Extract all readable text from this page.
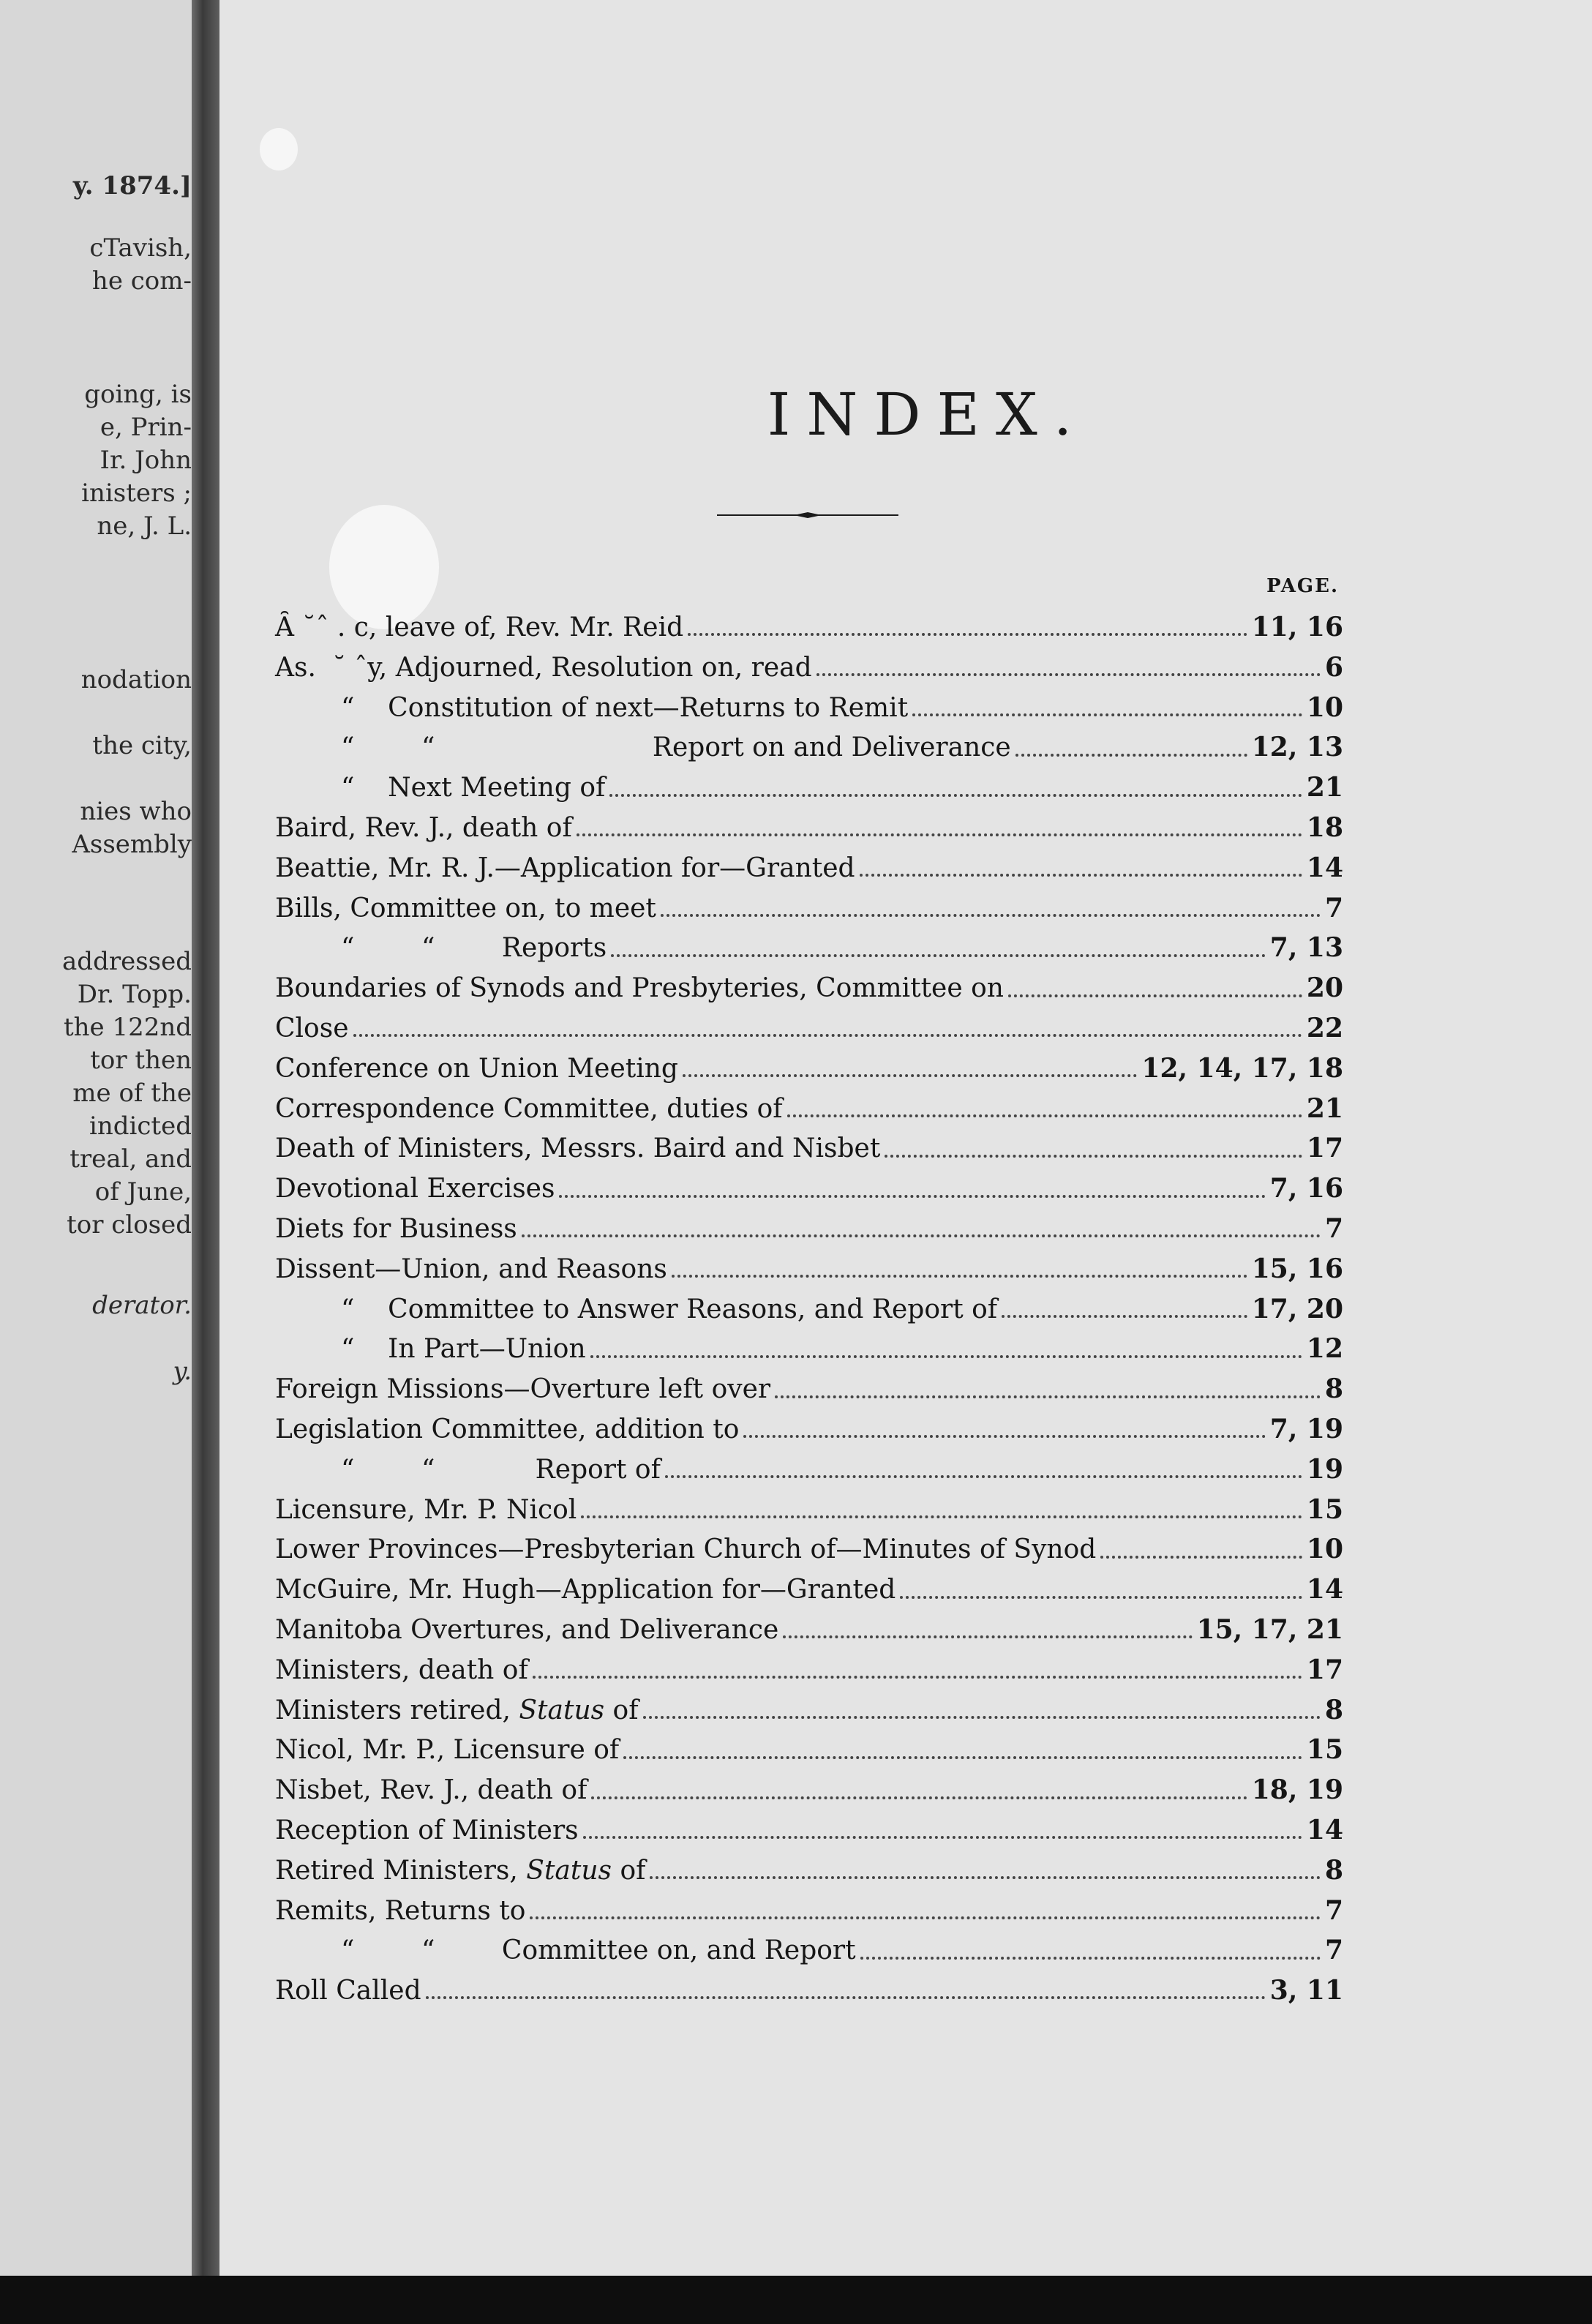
y. 1874.]
cTavish,
he com-
going, is
e, Prin-
Ir. John
inisters ;
ne, J. L.
nodation
the city,
nies who
Assembly
addressed
Dr. Topp.
the 122nd
tor then
me of the
indicted
treal, and
of June,
tor closed
derator.
y.
INDEX.
PAGE.
Ȃ ˘ˆ . c, leave of, Rev. Mr. Reid	11, 16
As.  ˘ ˆy, Adjourned, Resolution on, read	6
“    Constitution of next—Returns to Remit	10
“        “                          Report on and Deliverance	12, 13
“    Next Meeting of	21
Baird, Rev. J., death of	18
Beattie, Mr. R. J.—Application for—Granted	14
Bills, Committee on, to meet	7
“        “        Reports	7, 13
Boundaries of Synods and Presbyteries, Committee on	20
Close	22
Conference on Union Meeting	12, 14, 17, 18
Correspondence Committee, duties of	21
Death of Ministers, Messrs. Baird and Nisbet	17
Devotional Exercises	7, 16
Diets for Business	7
Dissent—Union, and Reasons	15, 16
“    Committee to Answer Reasons, and Report of	17, 20
“    In Part—Union	12
Foreign Missions—Overture left over	8
Legislation Committee, addition to	7, 19
“        “            Report of	19
Licensure, Mr. P. Nicol	15
Lower Provinces—Presbyterian Church of—Minutes of Synod	10
McGuire, Mr. Hugh—Application for—Granted	14
Manitoba Overtures, and Deliverance	15, 17, 21
Ministers, death of	17
Ministers retired, Status of	8
Nicol, Mr. P., Licensure of	15
Nisbet, Rev. J., death of	18, 19
Reception of Ministers	14
Retired Ministers, Status of	8
Remits, Returns to	7
“        “        Committee on, and Report	7
Roll Called	3, 11
